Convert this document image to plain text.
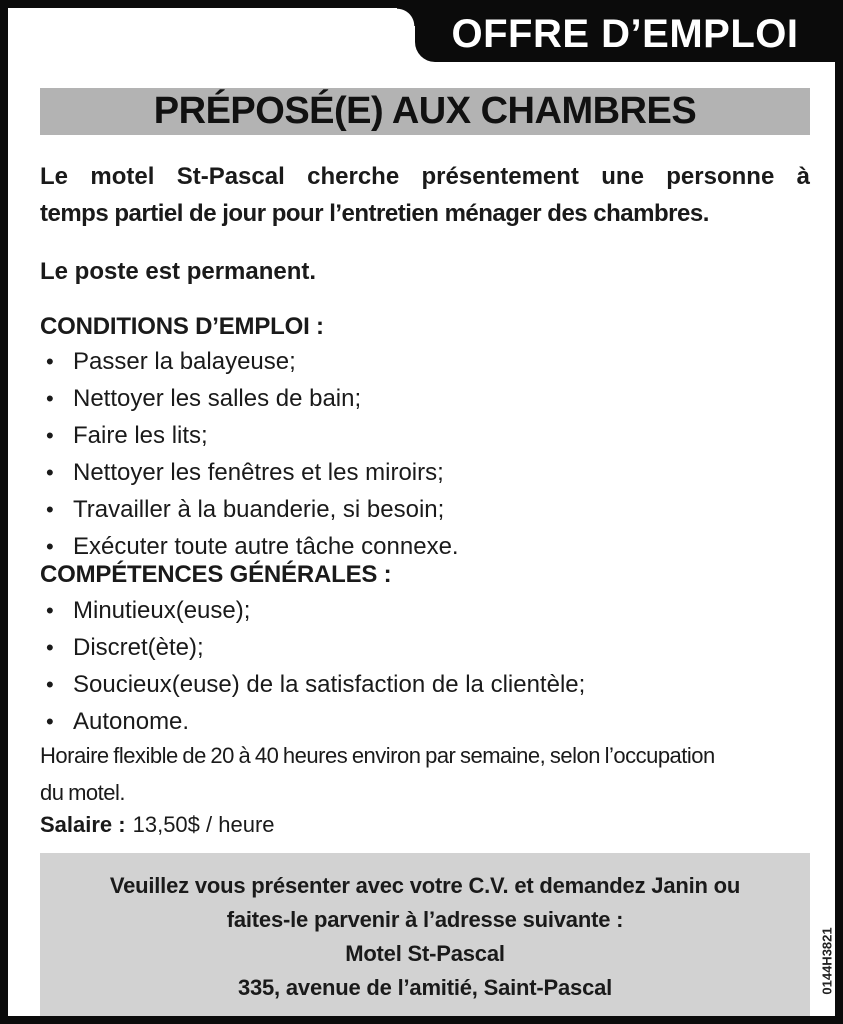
OFFRE D’EMPLOI
PRÉPOSÉ(E) AUX CHAMBRES
Le motel St-Pascal cherche présentement une personne à
temps partiel de jour pour l’entretien ménager des chambres.
Le poste est permanent.
CONDITIONS D’EMPLOI :
• Passer la balayeuse;
• Nettoyer les salles de bain;
• Faire les lits;
• Nettoyer les fenêtres et les miroirs;
• Travailler à la buanderie, si besoin;
• Exécuter toute autre tâche connexe.
COMPÉTENCES GÉNÉRALES :
• Minutieux(euse);
• Discret(ète);
• Soucieux(euse) de la satisfaction de la clientèle;
• Autonome.
Horaire flexible de 20 à 40 heures environ par semaine, selon l’occupation
du motel.
Salaire : 13,50$ / heure
Veuillez vous présenter avec votre C.V. et demandez Janin ou
faites-le parvenir à l’adresse suivante :
Motel St-Pascal
335, avenue de l’amitié, Saint-Pascal	0144H3821
